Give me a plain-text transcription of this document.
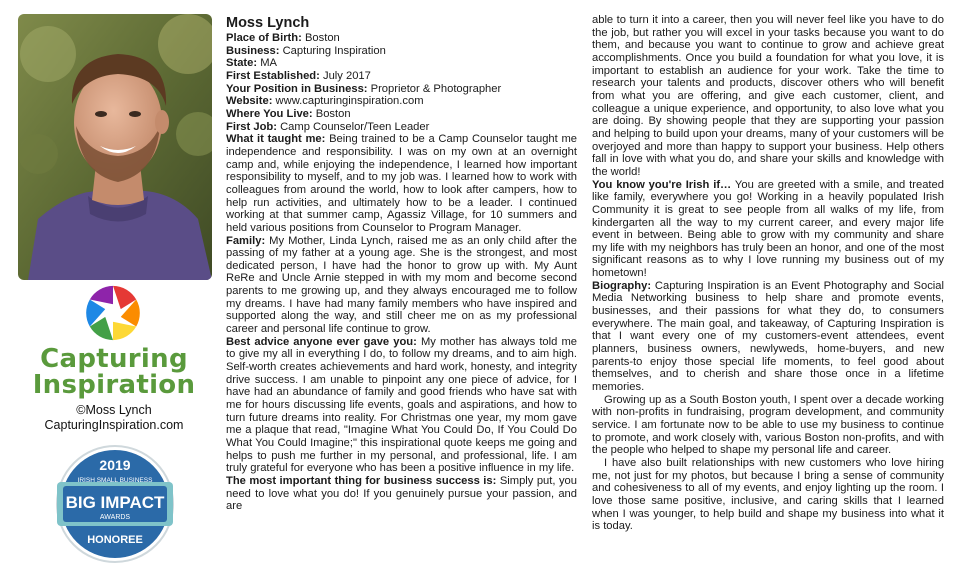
Capturing
Inspiration
©Moss Lynch
CapturingInspiration.com
2019
IRISH SMALL BUSINESS
BIG IMPACT
AWARDS
HONOREE
Moss Lynch
Place of Birth: Boston
Business: Capturing Inspiration
State: MA
First Established: July 2017
Your Position in Business: Proprietor & Photographer
Website: www.capturinginspiration.com
Where You Live: Boston
First Job: Camp Counselor/Teen Leader

What it taught me: Being trained to be a Camp Counselor taught me independence and responsibility. I was on my own at an overnight camp and, while enjoying the independence, I learned how important responsibility to myself, and to my job was. I learned how to work with colleagues from around the world, how to look after campers, how to help run activities, and ultimately how to be a leader. I continued working at that summer camp, Agassiz Village, for 10 summers and held various positions from Counselor to Program Manager.

Family: My Mother, Linda Lynch, raised me as an only child after the passing of my father at a young age. She is the strongest, and most dedicated person, I have had the honor to grow up with. My Aunt ReRe and Uncle Arnie stepped in with my mom and become second parents to me growing up, and they always encouraged me to follow my dreams. I have had many family members who have inspired and supported along the way, and still cheer me on as my professional career and personal life continue to grow.

Best advice anyone ever gave you: My mother has always told me to give my all in everything I do, to follow my dreams, and to aim high. Self-worth creates achievements and hard work, honesty, and integrity drive success. I am unable to pinpoint any one piece of advice, for I have had an abundance of family and good friends who have sat with me for hours discussing life events, goals and aspirations, and how to turn future dreams into reality. For Christmas one year, my mom gave me a plaque that read, "Imagine What You Could Do, If You Could Do What You Could Imagine;" this inspirational quote keeps me going and helps to push me further in my personal, and professional, life. I am truly grateful for everyone who has been a positive influence in my life.

The most important thing for business success is: Simply put, you need to love what you do! If you genuinely pursue your passion, and are

able to turn it into a career, then you will never feel like you have to do the job, but rather you will excel in your tasks because you want to do them, and because you want to continue to grow and achieve great accomplishments. Once you build a foundation for what you love, it is important to establish an audience for your work. Take the time to research your talents and products, discover others who will benefit from what you are offering, and give each customer, client, and colleague a unique experience, and opportunity, to also love what you are doing. By showing people that they are supporting your passion and helping to build upon your dreams, many of your customers will be overjoyed and more than happy to support your business. Help others fall in love with what you do, and share your skills and knowledge with the world!

You know you're Irish if… You are greeted with a smile, and treated like family, everywhere you go! Working in a heavily populated Irish Community it is great to see people from all walks of my life, from kindergarten all the way to my current career, and every major life event in between. Being able to grow with my community and share my life with my neighbors has truly been an honor, and one of the most significant reasons as to why I love running my business out of my hometown!

Biography: Capturing Inspiration is an Event Photography and Social Media Networking business to help share and promote events, businesses, and their passions for what they do, to consumers everywhere. The main goal, and takeaway, of Capturing Inspiration is that I want every one of my customers-event attendees, event planners, business owners, newlyweds, home-buyers, and new parents-to enjoy those special life moments, to feel good about themselves, and to cherish and share those once in a lifetime memories.

Growing up as a South Boston youth, I spent over a decade working with non-profits in fundraising, program development, and community service. I am fortunate now to be able to use my business to continue to promote, and work closely with, various Boston non-profits, and with the people who helped to shape my personal life and career.

I have also built relationships with new customers who love hiring me, not just for my photos, but because I bring a sense of community and cohesiveness to all of my events, and enjoy lighting up the room. I love those same positive, inclusive, and caring skills that I learned when I was younger, to help build and shape my business into what it is today.
